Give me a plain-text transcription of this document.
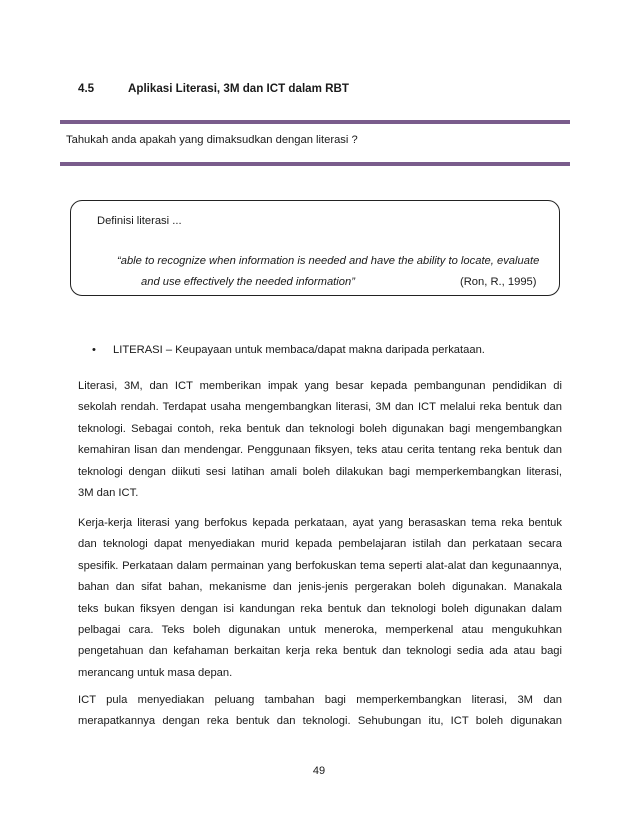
4.5	Aplikasi Literasi, 3M dan ICT dalam RBT
Tahukah anda apakah yang dimaksudkan dengan literasi ?
Definisi literasi ...
“able to recognize when information is needed and have the ability to locate, evaluate
and use effectively the needed information”	(Ron, R., 1995)
• LITERASI – Keupayaan untuk membaca/dapat makna daripada perkataan.
Literasi, 3M, dan ICT memberikan impak yang besar kepada pembangunan pendidikan di
sekolah rendah. Terdapat usaha mengembangkan literasi, 3M dan ICT melalui reka bentuk dan
teknologi. Sebagai contoh, reka bentuk dan teknologi boleh digunakan bagi mengembangkan
kemahiran lisan dan mendengar. Penggunaan fiksyen, teks atau cerita tentang reka bentuk dan
teknologi dengan diikuti sesi latihan amali boleh dilakukan bagi memperkembangkan literasi,
3M dan ICT.
Kerja-kerja literasi yang berfokus kepada perkataan, ayat yang berasaskan tema reka bentuk
dan teknologi dapat menyediakan murid kepada pembelajaran istilah dan perkataan secara
spesifik. Perkataan dalam permainan yang berfokuskan tema seperti alat-alat dan kegunaannya,
bahan dan sifat bahan, mekanisme dan jenis-jenis pergerakan boleh digunakan. Manakala
teks bukan fiksyen dengan isi kandungan reka bentuk dan teknologi boleh digunakan dalam
pelbagai cara. Teks boleh digunakan untuk meneroka, memperkenal atau mengukuhkan
pengetahuan dan kefahaman berkaitan kerja reka bentuk dan teknologi sedia ada atau bagi
merancang untuk masa depan.
ICT pula menyediakan peluang tambahan bagi memperkembangkan literasi, 3M dan
merapatkannya dengan reka bentuk dan teknologi. Sehubungan itu, ICT boleh digunakan
49
